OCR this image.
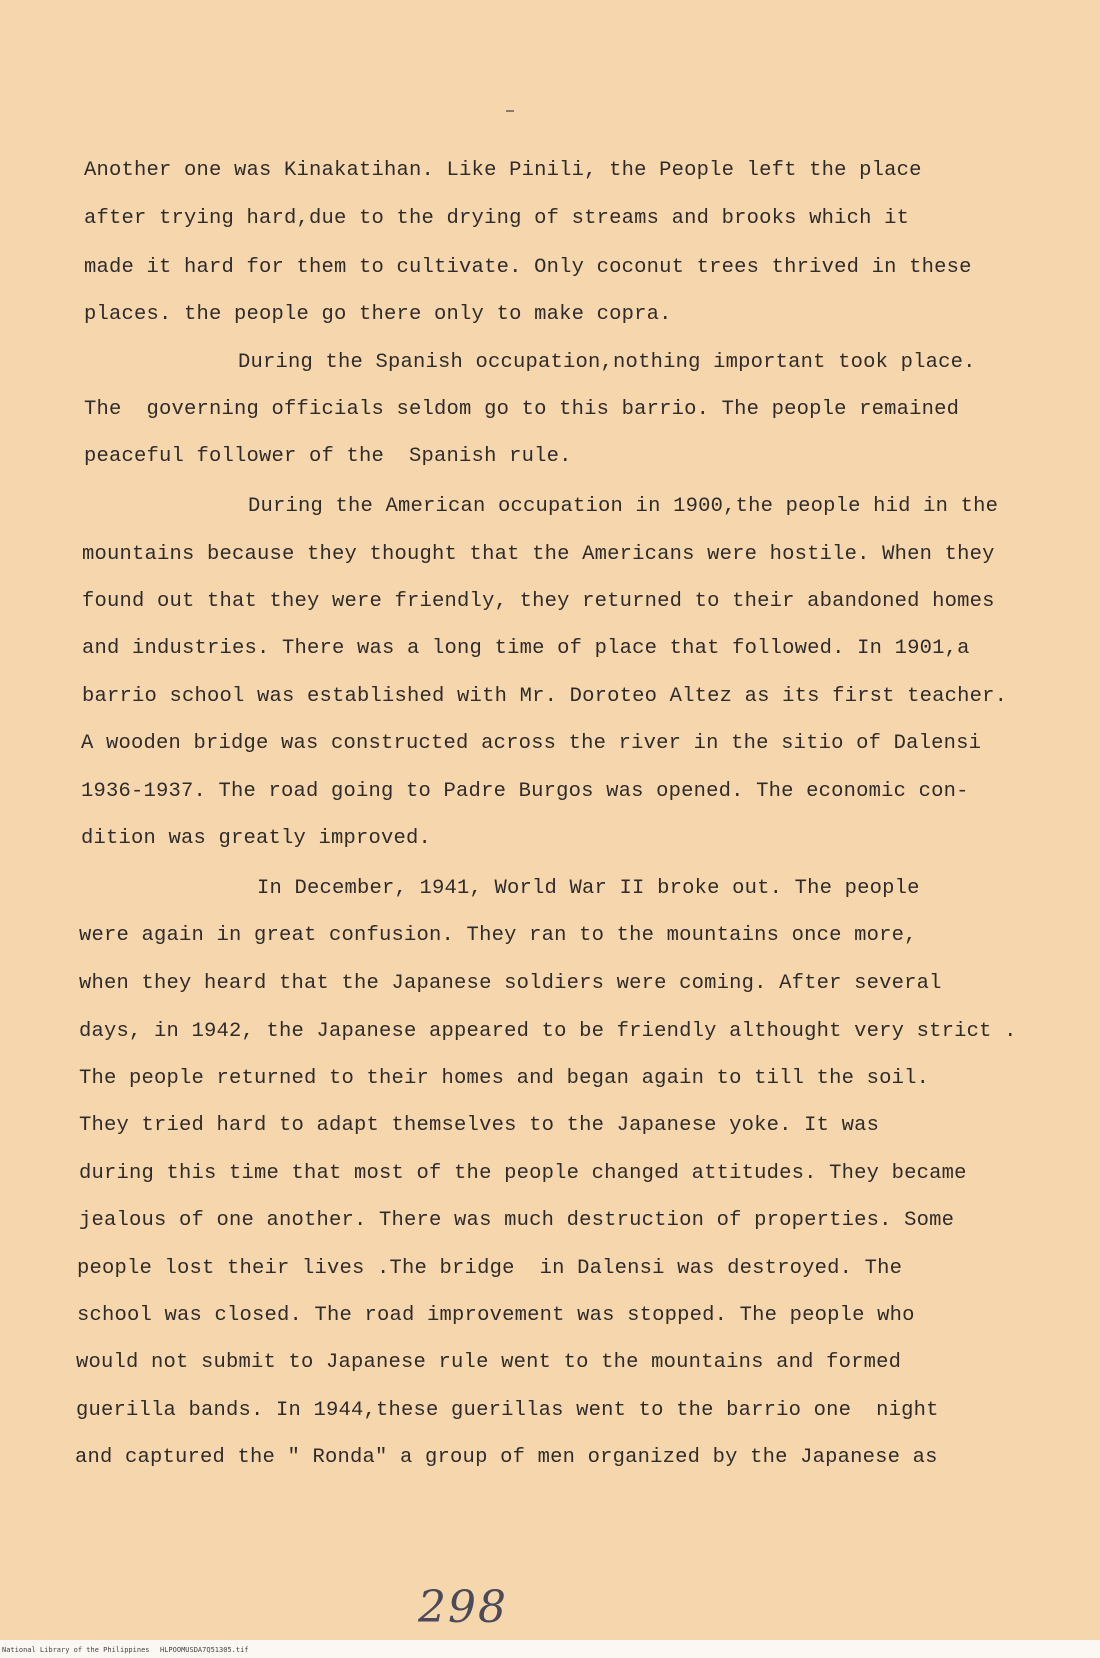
Another one was Kinakatihan. Like Pinili, the People left the place
after trying hard,due to the drying of streams and brooks which it
made it hard for them to cultivate. Only coconut trees thrived in these
places. the people go there only to make copra.
During the Spanish occupation,nothing important took place.
The  governing officials seldom go to this barrio. The people remained
peaceful follower of the  Spanish rule.
During the American occupation in 1900,the people hid in the
mountains because they thought that the Americans were hostile. When they
found out that they were friendly, they returned to their abandoned homes
and industries. There was a long time of place that followed. In 1901,a
barrio school was established with Mr. Doroteo Altez as its first teacher.
A wooden bridge was constructed across the river in the sitio of Dalensi
1936-1937. The road going to Padre Burgos was opened. The economic con-
dition was greatly improved.
In December, 1941, World War II broke out. The people
were again in great confusion. They ran to the mountains once more,
when they heard that the Japanese soldiers were coming. After several
days, in 1942, the Japanese appeared to be friendly althought very strict .
The people returned to their homes and began again to till the soil.
They tried hard to adapt themselves to the Japanese yoke. It was
during this time that most of the people changed attitudes. They became
jealous of one another. There was much destruction of properties. Some
people lost their lives .The bridge  in Dalensi was destroyed. The
school was closed. The road improvement was stopped. The people who
would not submit to Japanese rule went to the mountains and formed
guerilla bands. In 1944,these guerillas went to the barrio one  night
and captured the " Ronda" a group of men organized by the Japanese as
298
National Library of the Philippines HLPOOMUSDA7Q51305.tif
